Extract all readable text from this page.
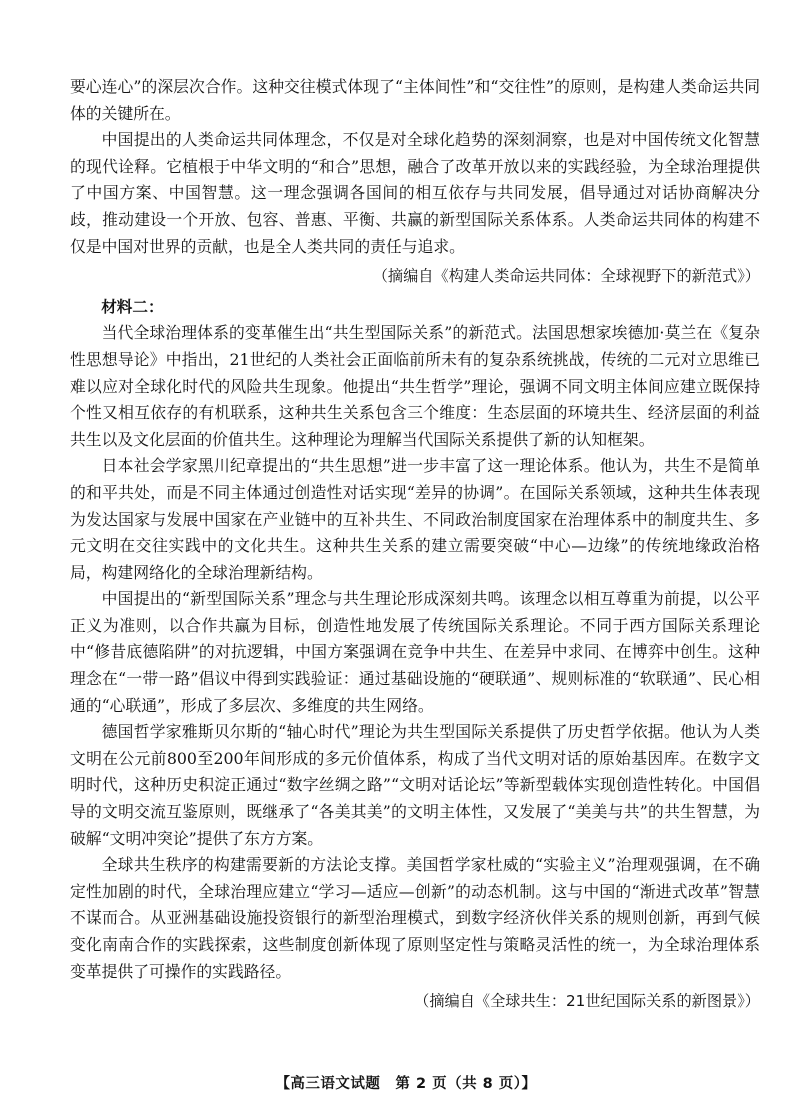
要心连心”的深层次合作。这种交往模式体现了“主体间性”和“交往性”的原则，是构建人类命运共同体的关键所在。

中国提出的人类命运共同体理念，不仅是对全球化趋势的深刻洞察，也是对中国传统文化智慧的现代诠释。它植根于中华文明的“和合”思想，融合了改革开放以来的实践经验，为全球治理提供了中国方案、中国智慧。这一理念强调各国间的相互依存与共同发展，倡导通过对话协商解决分歧，推动建设一个开放、包容、普惠、平衡、共赢的新型国际关系体系。人类命运共同体的构建不仅是中国对世界的贡献，也是全人类共同的责任与追求。

（摘编自《构建人类命运共同体：全球视野下的新范式》）

材料二：

当代全球治理体系的变革催生出“共生型国际关系”的新范式。法国思想家埃德加·莫兰在《复杂性思想导论》中指出，21世纪的人类社会正面临前所未有的复杂系统挑战，传统的二元对立思维已难以应对全球化时代的风险共生现象。他提出“共生哲学”理论，强调不同文明主体间应建立既保持个性又相互依存的有机联系，这种共生关系包含三个维度：生态层面的环境共生、经济层面的利益共生以及文化层面的价值共生。这种理论为理解当代国际关系提供了新的认知框架。

日本社会学家黑川纪章提出的“共生思想”进一步丰富了这一理论体系。他认为，共生不是简单的和平共处，而是不同主体通过创造性对话实现“差异的协调”。在国际关系领域，这种共生体表现为发达国家与发展中国家在产业链中的互补共生、不同政治制度国家在治理体系中的制度共生、多元文明在交往实践中的文化共生。这种共生关系的建立需要突破“中心—边缘”的传统地缘政治格局，构建网络化的全球治理新结构。

中国提出的“新型国际关系”理念与共生理论形成深刻共鸣。该理念以相互尊重为前提，以公平正义为准则，以合作共赢为目标，创造性地发展了传统国际关系理论。不同于西方国际关系理论中“修昔底德陷阱”的对抗逻辑，中国方案强调在竞争中共生、在差异中求同、在博弈中创生。这种理念在“一带一路”倡议中得到实践验证：通过基础设施的“硬联通”、规则标准的“软联通”、民心相通的“心联通”，形成了多层次、多维度的共生网络。

德国哲学家雅斯贝尔斯的“轴心时代”理论为共生型国际关系提供了历史哲学依据。他认为人类文明在公元前800至200年间形成的多元价值体系，构成了当代文明对话的原始基因库。在数字文明时代，这种历史积淀正通过“数字丝绸之路”“文明对话论坛”等新型载体实现创造性转化。中国倡导的文明交流互鉴原则，既继承了“各美其美”的文明主体性，又发展了“美美与共”的共生智慧，为破解“文明冲突论”提供了东方方案。

全球共生秩序的构建需要新的方法论支撑。美国哲学家杜威的“实验主义”治理观强调，在不确定性加剧的时代，全球治理应建立“学习—适应—创新”的动态机制。这与中国的“渐进式改革”智慧不谋而合。从亚洲基础设施投资银行的新型治理模式，到数字经济伙伴关系的规则创新，再到气候变化南南合作的实践探索，这些制度创新体现了原则坚定性与策略灵活性的统一，为全球治理体系变革提供了可操作的实践路径。

（摘编自《全球共生：21世纪国际关系的新图景》）

【高三语文试题　第 2 页（共 8 页）】
